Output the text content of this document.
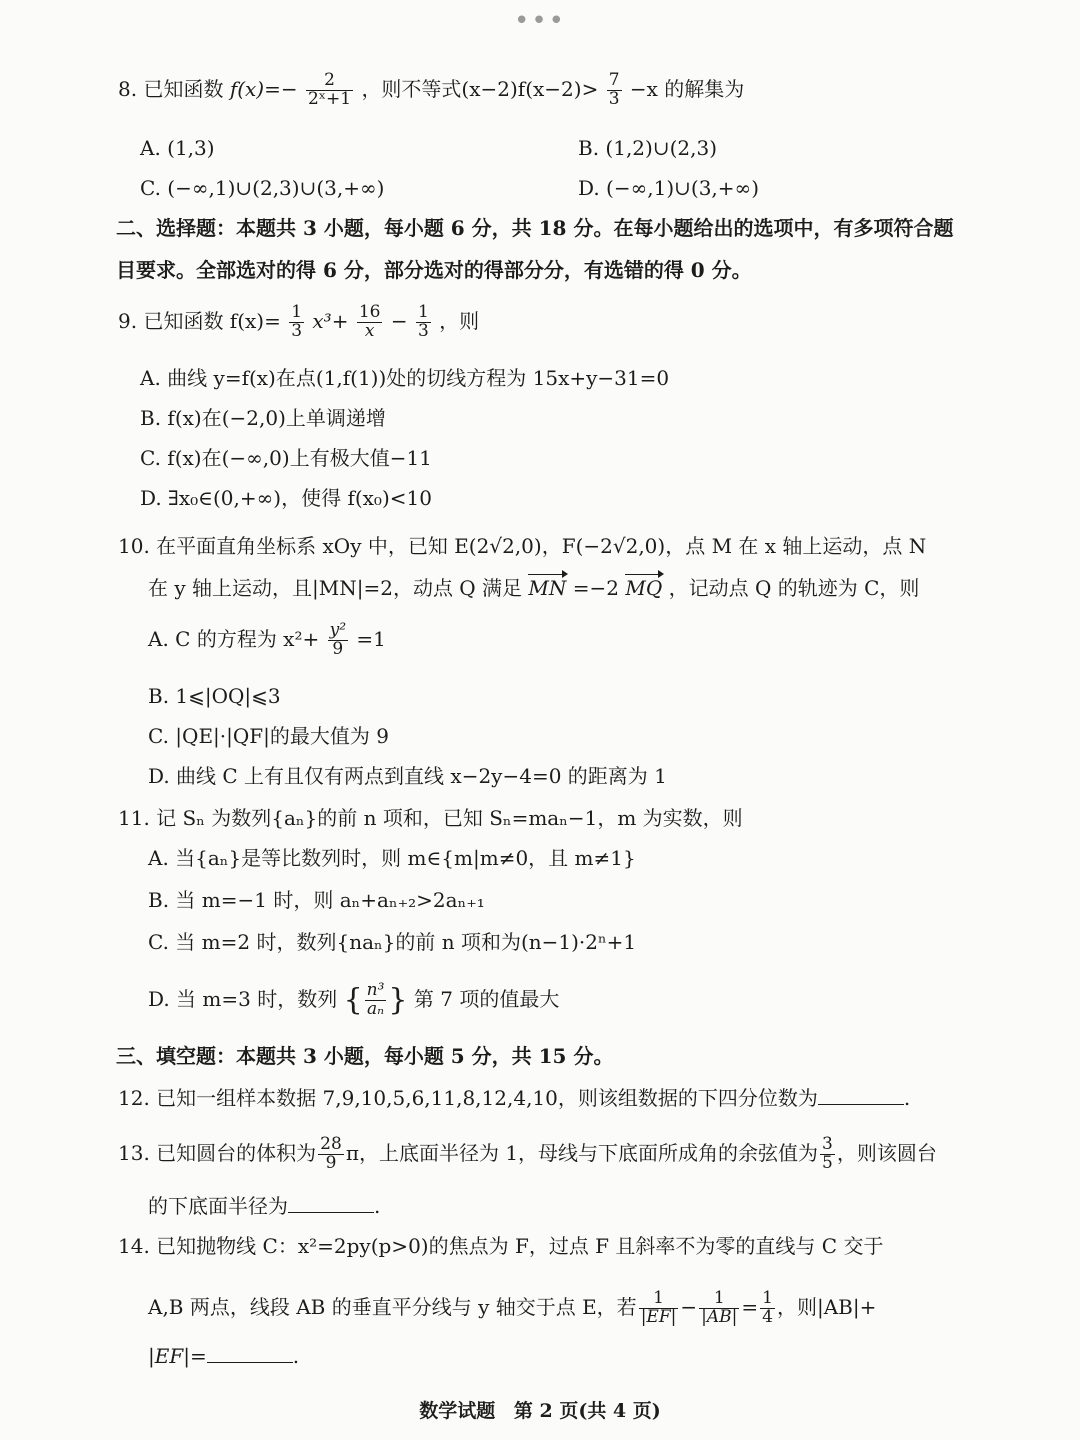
•••
8. 已知函数 $f(x)=- \frac{2}{\text{2ˣ+1}}$ ，则不等式$(x-2)f(x-2)> \frac{7}{3} -x$ 的解集为
A. (1,3)	B. (1,2)∪(2,3)
C. (−∞,1)∪(2,3)∪(3,+∞)	D. (−∞,1)∪(3,+∞)
二、选择题：本题共 3 小题，每小题 6 分，共 18 分。在每小题给出的选项中，有多项符合题
目要求。全部选对的得 6 分，部分选对的得部分分，有选错的得 0 分。
9. 已知函数 $f(x)= \frac{1}{3} x^3+ \frac{16}{x} - \frac{1}{3}$ ，则
A. 曲线 y=f(x)在点(1,f(1))处的切线方程为 15x+y−31=0
B. f(x)在(−2,0)上单调递增
C. f(x)在(−∞,0)上有极大值−11
D. ∃x₀∈(0,+∞)，使得 f(x₀)<10
10. 在平面直角坐标系 xOy 中，已知 E(2√2,0)，F(−2√2,0)，点 M 在 x 轴上运动，点 N
在 y 轴上运动，且|MN|=2，动点 Q 满足 MN =−2 MQ ，记动点 Q 的轨迹为 C，则
A. C 的方程为 $x^2+ \frac{\text{y²}}{9} =1$
B. 1⩽|OQ|⩽3
C. |QE|·|QF|的最大值为 9
D. 曲线 C 上有且仅有两点到直线 x−2y−4=0 的距离为 1
11. 记 Sₙ 为数列{aₙ}的前 n 项和，已知 Sₙ=maₙ−1，m 为实数，则
A. 当{aₙ}是等比数列时，则 m∈{m|m≠0，且 m≠1}
B. 当 m=−1 时，则 aₙ+aₙ₊₂>2aₙ₊₁
C. 当 m=2 时，数列{naₙ}的前 n 项和为(n−1)·2ⁿ+1
D. 当 m=3 时，数列 { $\frac{\text{n³}}{\text{aₙ}}$ } 第 7 项的值最大
三、填空题：本题共 3 小题，每小题 5 分，共 15 分。
12. 已知一组样本数据 7,9,10,5,6,11,8,12,4,10，则该组数据的下四分位数为	.
13. 已知圆台的体积为 $\frac{28}{9}$ π，上底面半径为 1，母线与下底面所成角的余弦值为 $\frac{3}{5}$ ，则该圆台
的下底面半径为	.
14. 已知抛物线 C：x²=2py(p>0)的焦点为 F，过点 F 且斜率不为零的直线与 C 交于
A,B 两点，线段 AB 的垂直平分线与 y 轴交于点 E，若 $\frac{1}{|EF|} - \frac{1}{|AB|} = \frac{1}{4}$ ，则|AB|+
|EF|=	.
数学试题 第 2 页(共 4 页)
